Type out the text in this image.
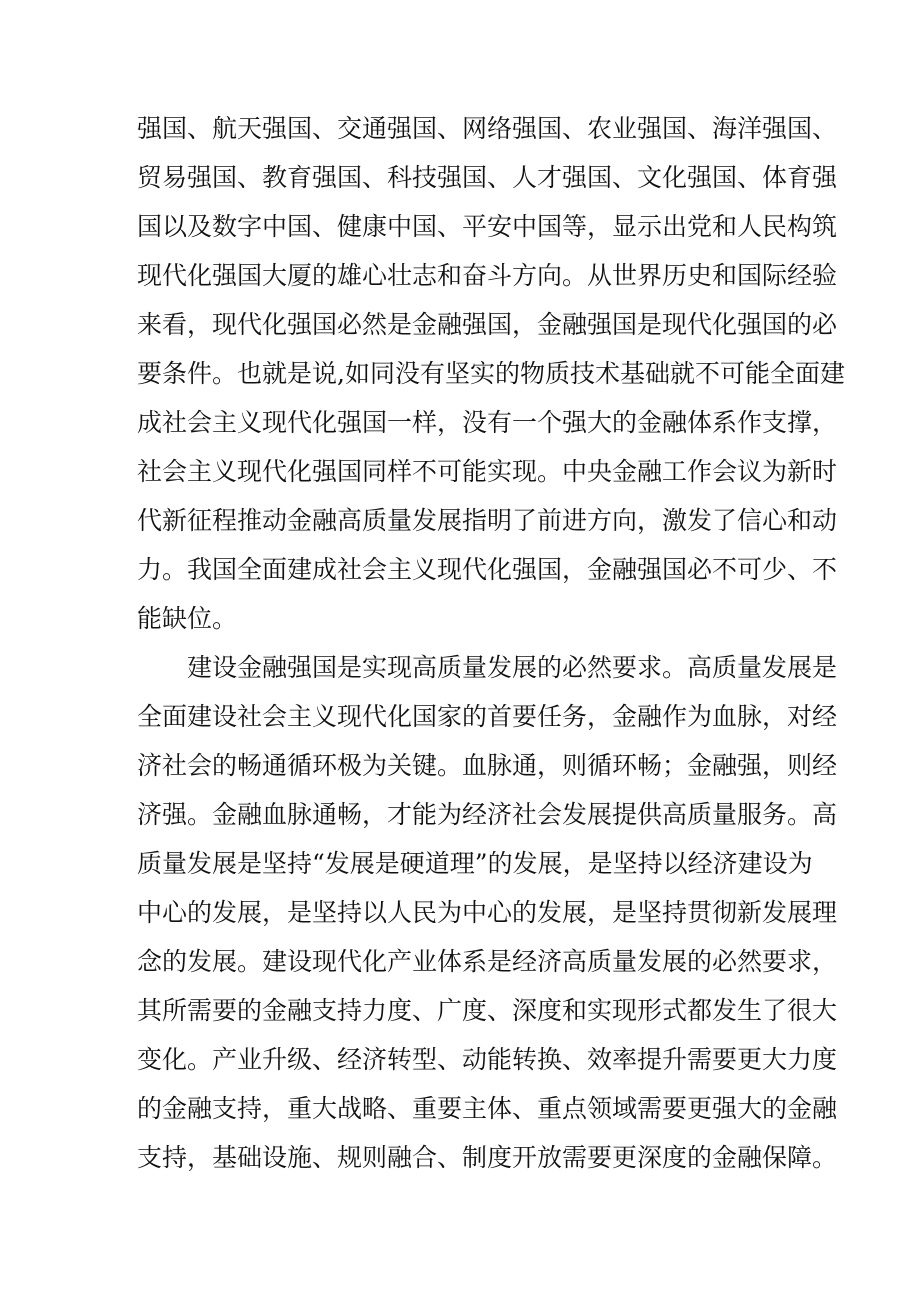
强国、航天强国、交通强国、网络强国、农业强国、海洋强国、
贸易强国、教育强国、科技强国、人才强国、文化强国、体育强
国以及数字中国、健康中国、平安中国等，显示出党和人民构筑
现代化强国大厦的雄心壮志和奋斗方向。从世界历史和国际经验
来看，现代化强国必然是金融强国，金融强国是现代化强国的必
要条件。也就是说,如同没有坚实的物质技术基础就不可能全面建
成社会主义现代化强国一样，没有一个强大的金融体系作支撑，
社会主义现代化强国同样不可能实现。中央金融工作会议为新时
代新征程推动金融高质量发展指明了前进方向，激发了信心和动
力。我国全面建成社会主义现代化强国，金融强国必不可少、不
能缺位。
建设金融强国是实现高质量发展的必然要求。高质量发展是
全面建设社会主义现代化国家的首要任务，金融作为血脉，对经
济社会的畅通循环极为关键。血脉通，则循环畅；金融强，则经
济强。金融血脉通畅，才能为经济社会发展提供高质量服务。高
质量发展是坚持“发展是硬道理”的发展，是坚持以经济建设为
中心的发展，是坚持以人民为中心的发展，是坚持贯彻新发展理
念的发展。建设现代化产业体系是经济高质量发展的必然要求，
其所需要的金融支持力度、广度、深度和实现形式都发生了很大
变化。产业升级、经济转型、动能转换、效率提升需要更大力度
的金融支持，重大战略、重要主体、重点领域需要更强大的金融
支持，基础设施、规则融合、制度开放需要更深度的金融保障。
